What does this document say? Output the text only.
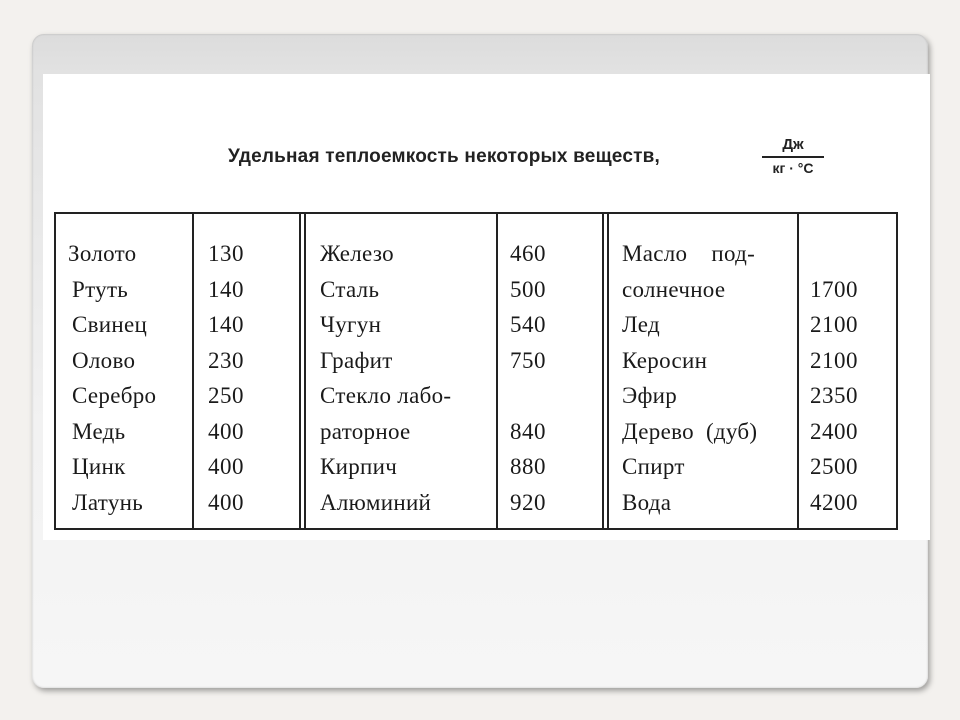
Удельная теплоемкость некоторых веществ,
Дж
кг · °С
Золото
Ртуть
Свинец
Олово
Серебро
Медь
Цинк
Латунь
130
140
140
230
250
400
400
400
Железо
Сталь
Чугун
Графит
Стекло лабо-
раторное
Кирпич
Алюминий
460
500
540
750
840
880
920
Масло под-
солнечное
Лед
Керосин
Эфир
Дерево (дуб)
Спирт
Вода
1700
2100
2100
2350
2400
2500
4200
